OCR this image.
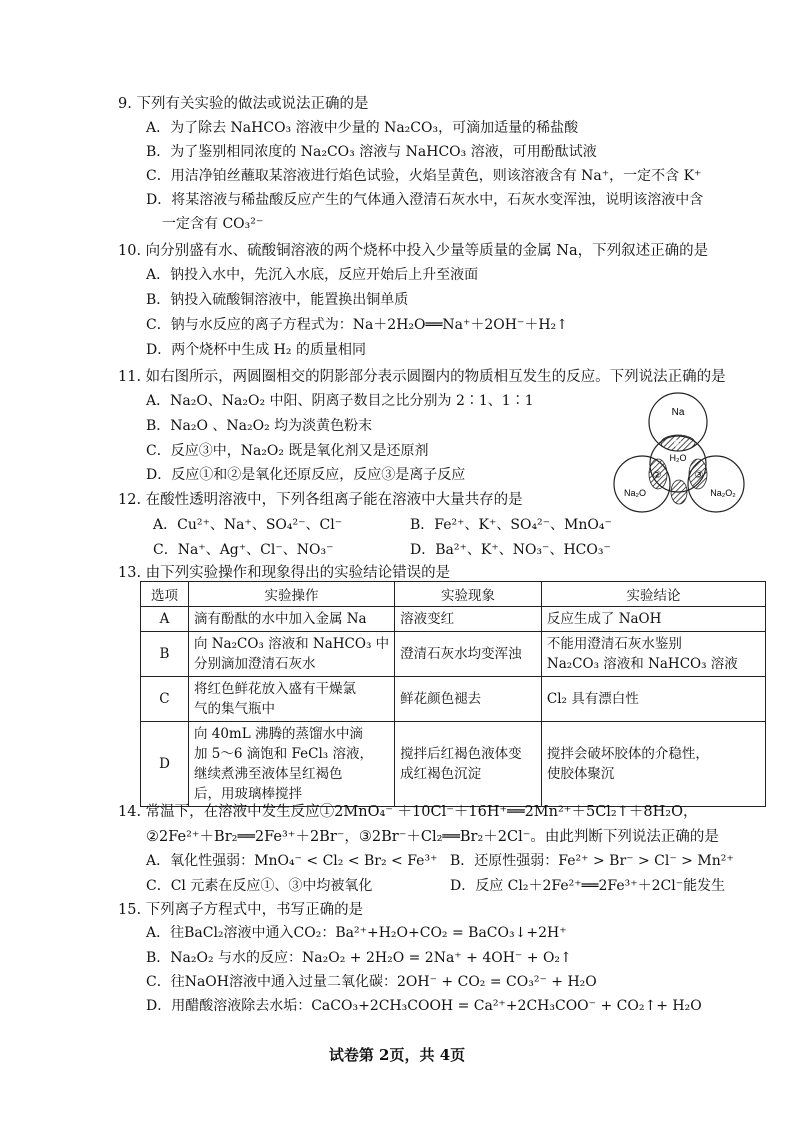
9. 下列有关实验的做法或说法正确的是
A．为了除去 NaHCO₃ 溶液中少量的 Na₂CO₃，可滴加适量的稀盐酸
B．为了鉴别相同浓度的 Na₂CO₃ 溶液与 NaHCO₃ 溶液，可用酚酞试液
C．用洁净铂丝蘸取某溶液进行焰色试验，火焰呈黄色，则该溶液含有 Na⁺，一定不含 K⁺
D．将某溶液与稀盐酸反应产生的气体通入澄清石灰水中，石灰水变浑浊，说明该溶液中含
一定含有 CO₃²⁻
10. 向分别盛有水、硫酸铜溶液的两个烧杯中投入少量等质量的金属 Na，下列叙述正确的是
A．钠投入水中，先沉入水底，反应开始后上升至液面
B．钠投入硫酸铜溶液中，能置换出铜单质
C．钠与水反应的离子方程式为：Na＋2H₂O══Na⁺＋2OH⁻＋H₂↑
D．两个烧杯中生成 H₂ 的质量相同
11. 如右图所示，两圆圈相交的阴影部分表示圆圈内的物质相互发生的反应。下列说法正确的是
A．Na₂O、Na₂O₂ 中阳、阴离子数目之比分别为 2∶1、1∶1
B．Na₂O 、Na₂O₂ 均为淡黄色粉末
C．反应③中，Na₂O₂ 既是氧化剂又是还原剂
D．反应①和②是氧化还原反应，反应③是离子反应
Na
H₂O
Na₂O	Na₂O₂
①
②	③
12. 在酸性透明溶液中，下列各组离子能在溶液中大量共存的是
A．Cu²⁺、Na⁺、SO₄²⁻、Cl⁻	B．Fe²⁺、K⁺、SO₄²⁻、MnO₄⁻
C．Na⁺、Ag⁺、Cl⁻、NO₃⁻	D．Ba²⁺、K⁺、NO₃⁻、HCO₃⁻
13. 由下列实验操作和现象得出的实验结论错误的是
选项	实验操作	实验现象	实验结论
A	滴有酚酞的水中加入金属 Na	溶液变红	反应生成了 NaOH

B	向 Na₂CO₃ 溶液和 NaHCO₃ 中
分别滴加澄清石灰水	澄清石灰水均变浑浊	不能用澄清石灰水鉴别
Na₂CO₃ 溶液和 NaHCO₃ 溶液

C	将红色鲜花放入盛有干燥氯
气的集气瓶中	鲜花颜色褪去	Cl₂ 具有漂白性

D	向 40mL 沸腾的蒸馏水中滴
加 5～6 滴饱和 FeCl₃ 溶液，
继续煮沸至液体呈红褐色
后，用玻璃棒搅拌	搅拌后红褐色液体变
成红褐色沉淀	搅拌会破坏胶体的介稳性，
使胶体聚沉
14. 常温下，在溶液中发生反应①2MnO₄⁻ ＋10Cl⁻＋16H⁺══2Mn²⁺＋5Cl₂↑＋8H₂O，
②2Fe²⁺＋Br₂══2Fe³⁺＋2Br⁻，③2Br⁻＋Cl₂══Br₂＋2Cl⁻。由此判断下列说法正确的是
A．氧化性强弱：MnO₄⁻ < Cl₂ < Br₂ < Fe³⁺ B．还原性强弱：Fe²⁺ > Br⁻ > Cl⁻ > Mn²⁺
C．Cl 元素在反应①、③中均被氧化	D．反应 Cl₂＋2Fe²⁺══2Fe³⁺＋2Cl⁻能发生
15. 下列离子方程式中，书写正确的是
A．往BaCl₂溶液中通入CO₂：Ba²⁺+H₂O+CO₂ = BaCO₃↓+2H⁺
B．Na₂O₂ 与水的反应：Na₂O₂ + 2H₂O = 2Na⁺ + 4OH⁻ + O₂↑
C．往NaOH溶液中通入过量二氧化碳：2OH⁻ + CO₂ = CO₃²⁻ + H₂O
D．用醋酸溶液除去水垢：CaCO₃+2CH₃COOH = Ca²⁺+2CH₃COO⁻ + CO₂↑+ H₂O
试卷第 2页，共 4页
